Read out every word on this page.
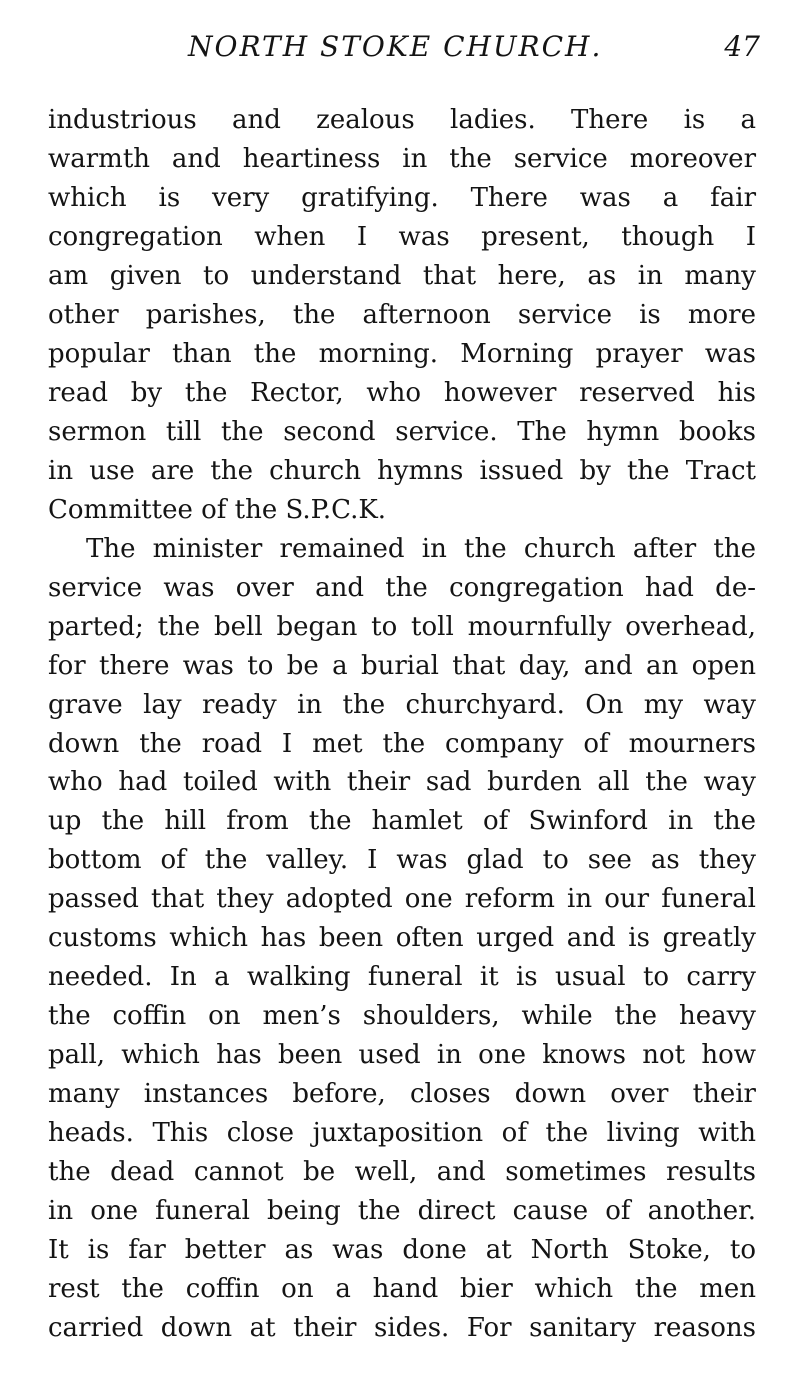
NORTH STOKE CHURCH.	47
industrious and zealous ladies. There is a
warmth and heartiness in the service moreover
which is very gratifying. There was a fair
congregation when I was present, though I
am given to understand that here, as in many
other parishes, the afternoon service is more
popular than the morning. Morning prayer was
read by the Rector, who however reserved his
sermon till the second service. The hymn books
in use are the church hymns issued by the Tract
Committee of the S.P.C.K.
The minister remained in the church after the
service was over and the congregation had de-
parted; the bell began to toll mournfully overhead,
for there was to be a burial that day, and an open
grave lay ready in the churchyard. On my way
down the road I met the company of mourners
who had toiled with their sad burden all the way
up the hill from the hamlet of Swinford in the
bottom of the valley. I was glad to see as they
passed that they adopted one reform in our funeral
customs which has been often urged and is greatly
needed. In a walking funeral it is usual to carry
the coffin on men’s shoulders, while the heavy
pall, which has been used in one knows not how
many instances before, closes down over their
heads. This close juxtaposition of the living with
the dead cannot be well, and sometimes results
in one funeral being the direct cause of another.
It is far better as was done at North Stoke, to
rest the coffin on a hand bier which the men
carried down at their sides. For sanitary reasons
